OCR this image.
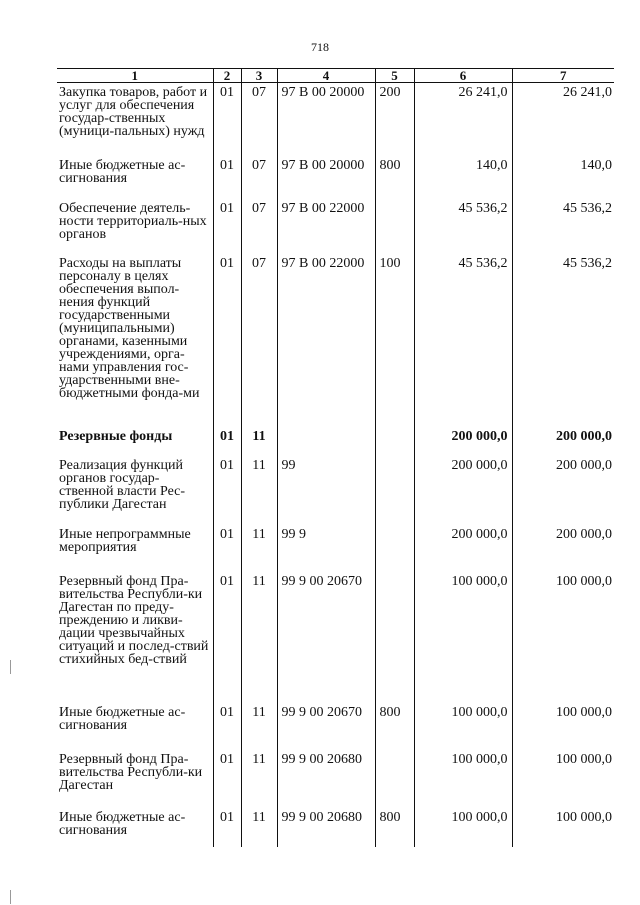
718
1	2	3	4	5	6	7
Закупка товаров, работ и услуг для обеспечения государ-ственных (муници-пальных) нужд	01	07	97 В 00 20000	200	26 241,0	26 241,0
Иные бюджетные ас-сигнования	01	07	97 В 00 20000	800	140,0	140,0
Обеспечение деятель-ности территориаль-ных органов	01	07	97 В 00 22000		45 536,2	45 536,2
Расходы на выплаты персоналу в целях обеспечения выпол-нения функций государственными (муниципальными) органами, казенными учреждениями, орга-нами управления гос-ударственными вне-бюджетными фонда-ми	01	07	97 В 00 22000	100	45 536,2	45 536,2
Резервные фонды	01	11			200 000,0	200 000,0
Реализация функций органов государ-ственной власти Рес-публики Дагестан	01	11	99		200 000,0	200 000,0
Иные непрограммные мероприятия	01	11	99 9		200 000,0	200 000,0
Резервный фонд Пра-вительства Республи-ки Дагестан по преду-преждению и ликви-дации чрезвычайных ситуаций и послед-ствий стихийных бед-ствий	01	11	99 9 00 20670		100 000,0	100 000,0
Иные бюджетные ас-сигнования	01	11	99 9 00 20670	800	100 000,0	100 000,0
Резервный фонд Пра-вительства Республи-ки Дагестан	01	11	99 9 00 20680		100 000,0	100 000,0
Иные бюджетные ас-сигнования	01	11	99 9 00 20680	800	100 000,0	100 000,0
